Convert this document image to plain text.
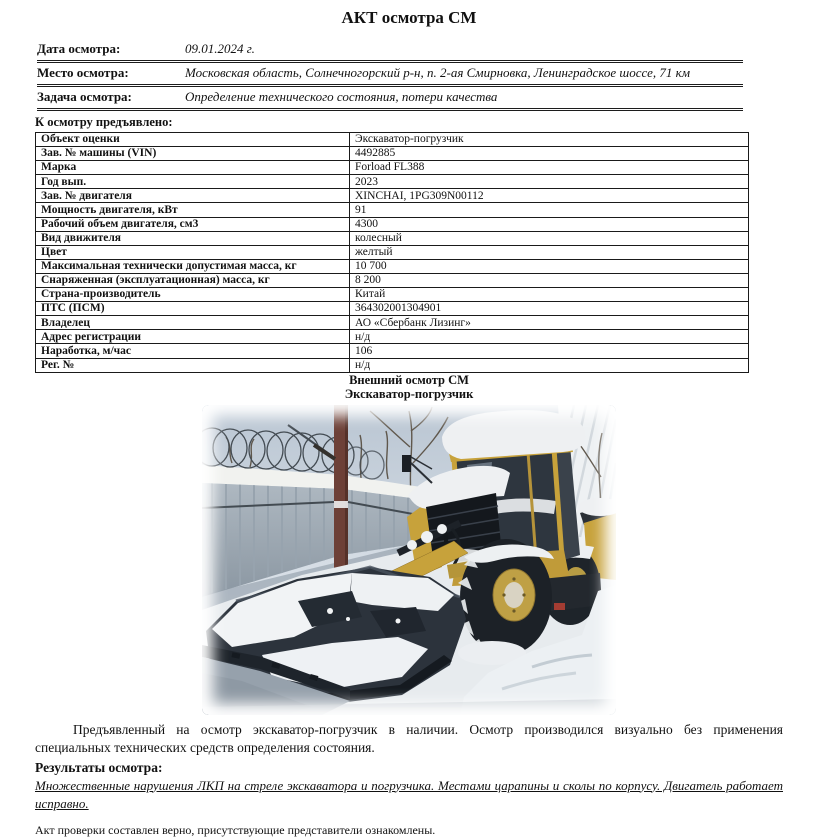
АКТ осмотра СМ
Дата осмотра:	09.01.2024 г.
Место осмотра:	Московская область, Солнечногорский р-н, п. 2-ая Смирновка, Ленинградское шоссе, 71 км
Задача осмотра:	Определение технического состояния, потери качества
К осмотру предъявлено:
Объект оценки	Экскаватор-погрузчик
Зав. № машины (VIN)	4492885
Марка	Forload FL388
Год вып.	2023
Зав. № двигателя	XINCHAI, 1PG309N00112
Мощность двигателя, кВт	91
Рабочий объем двигателя, см3	4300
Вид движителя	колесный
Цвет	желтый
Максимальная технически допустимая масса, кг	10 700
Снаряженная (эксплуатационная) масса, кг	8 200
Страна-производитель	Китай
ПТС (ПСМ)	364302001304901
Владелец	АО «Сбербанк Лизинг»
Адрес регистрации	н/д
Наработка, м/час	106
Рег. №	н/д
Внешний осмотр СМ
Экскаватор-погрузчик

Предъявленный на осмотр экскаватор-погрузчик в наличии. Осмотр производился визуально без применения специальных технических средств определения состояния.

Результаты осмотра:

Множественные нарушения ЛКП на стреле экскаватора и погрузчика. Местами царапины и сколы по корпусу. Двигатель работает исправно.

Акт проверки составлен верно, присутствующие представители ознакомлены.
